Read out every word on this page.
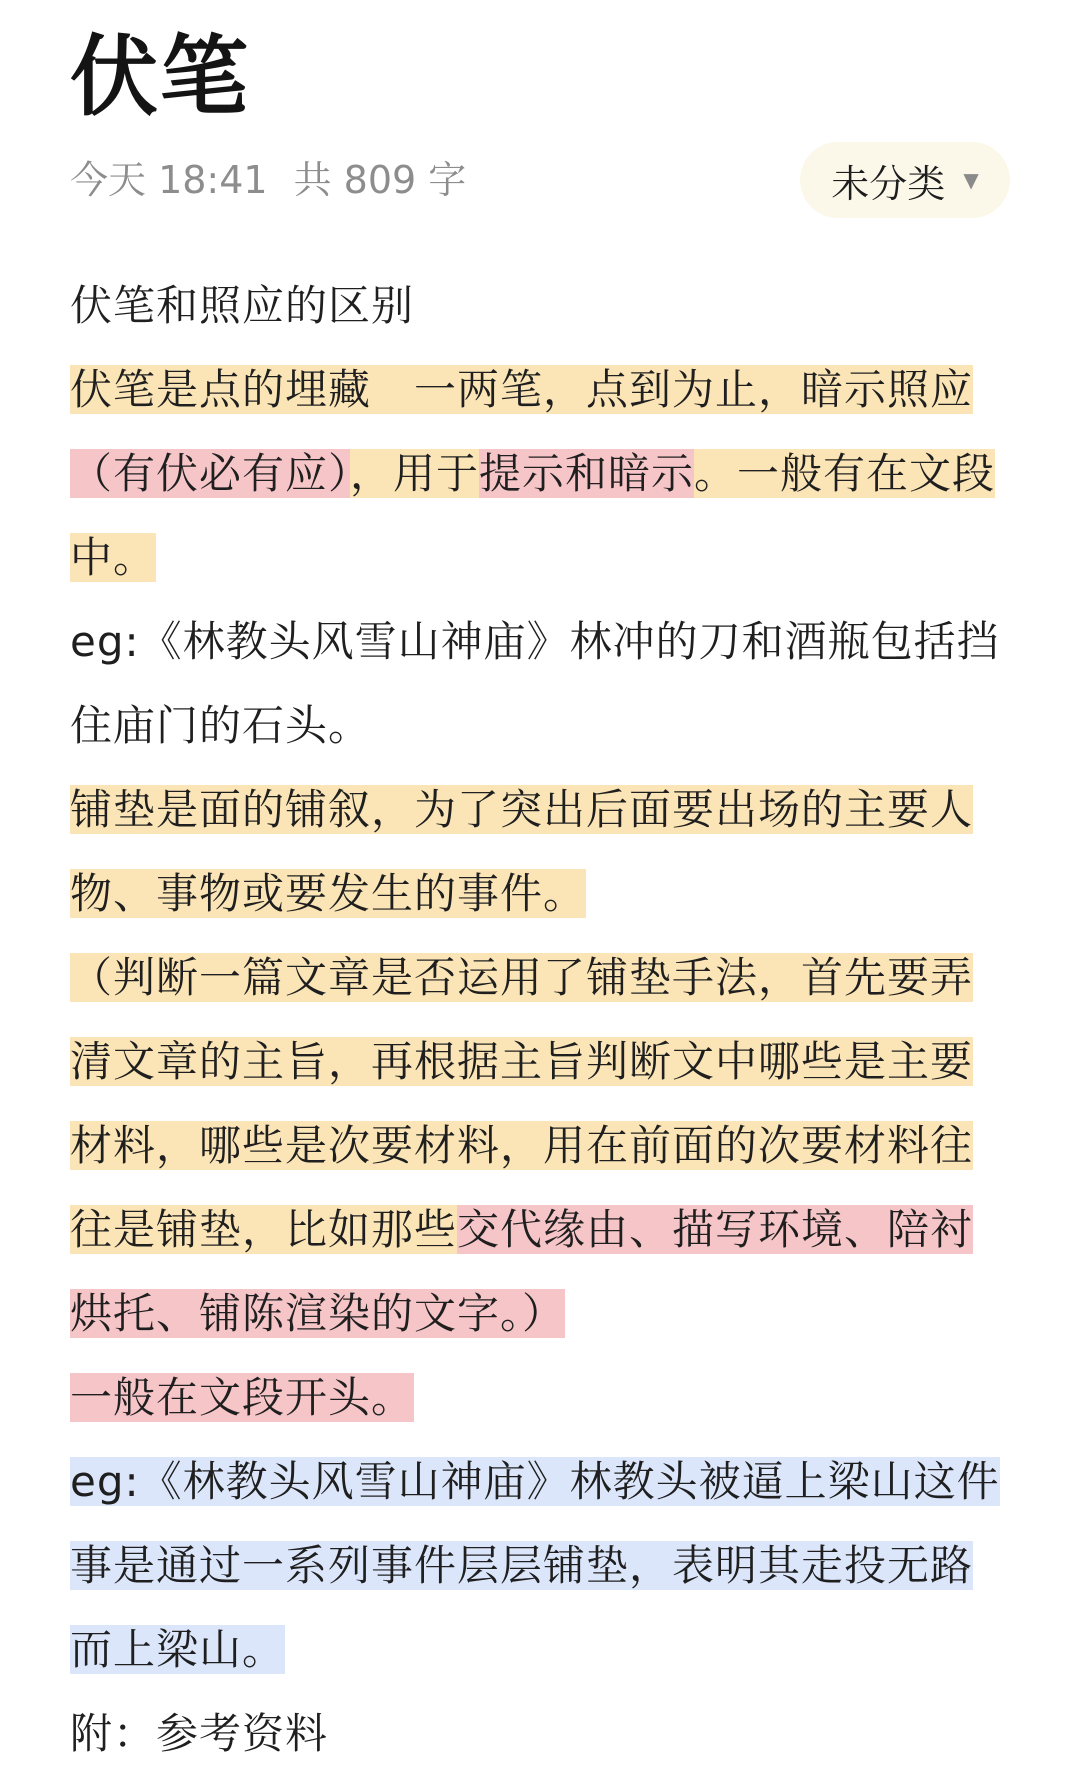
伏笔
今天 18:41 共 809 字	未分类 ▼

伏笔和照应的区别

伏笔是点的埋藏　一两笔，点到为止，暗示照应（有伏必有应），用于提示和暗示。一般有在文段中。

eg:《林教头风雪山神庙》林冲的刀和酒瓶包括挡住庙门的石头。

铺垫是面的铺叙，为了突出后面要出场的主要人物、事物或要发生的事件。

（判断一篇文章是否运用了铺垫手法，首先要弄清文章的主旨，再根据主旨判断文中哪些是主要材料，哪些是次要材料，用在前面的次要材料往往是铺垫，比如那些交代缘由、描写环境、陪衬烘托、铺陈渲染的文字。）

一般在文段开头。

eg:《林教头风雪山神庙》林教头被逼上梁山这件事是通过一系列事件层层铺垫，表明其走投无路而上梁山。

附：参考资料
